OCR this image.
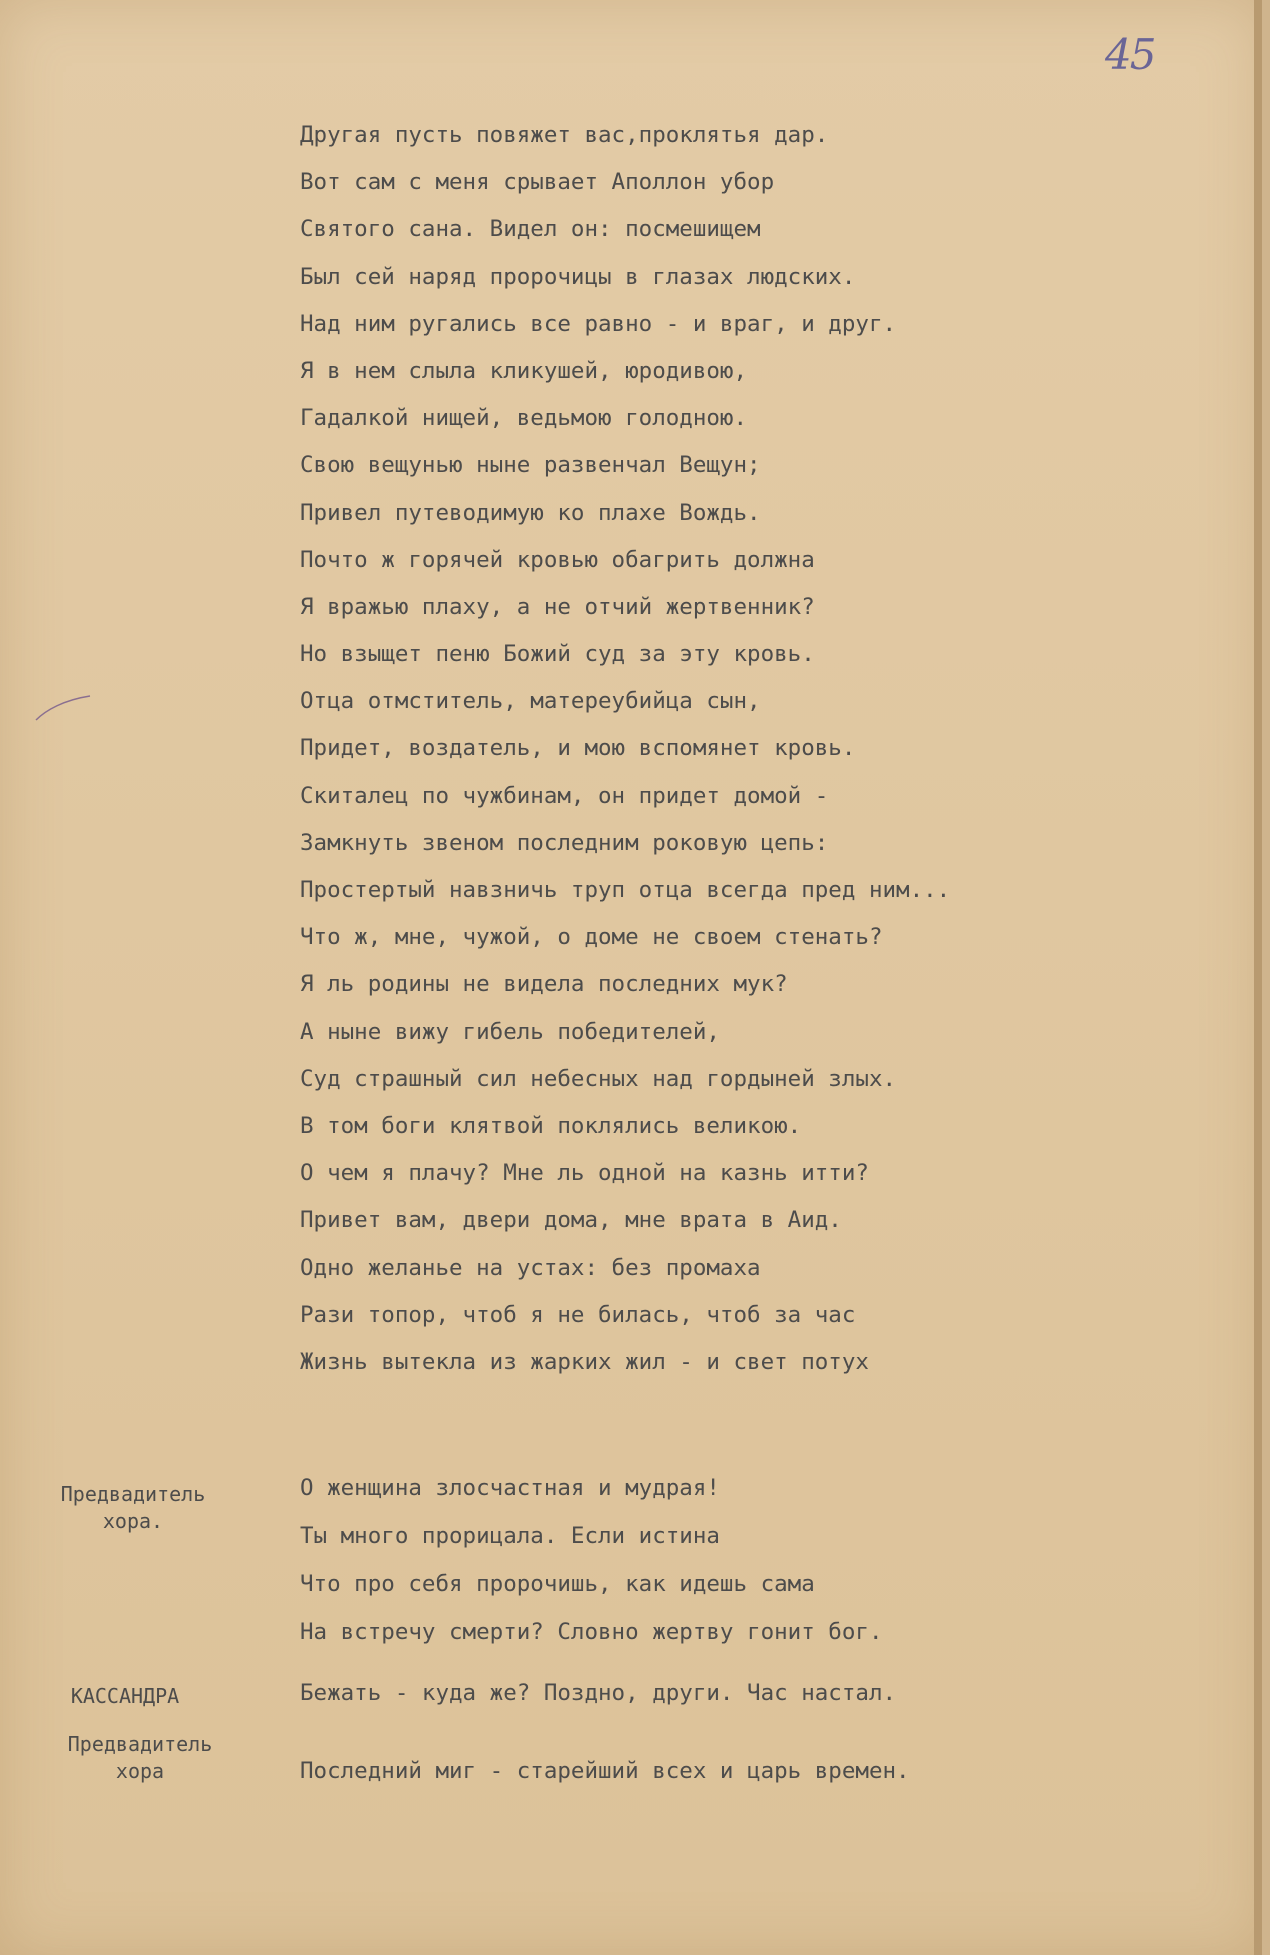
45
Другая пусть повяжет вас,проклятья дар.
Вот сам с меня срывает Аполлон убор
Святого сана. Видел он: посмешищем
Был сей наряд пророчицы в глазах людских.
Над ним ругались все равно - и враг, и друг.
Я в нем слыла кликушей, юродивою,
Гадалкой нищей, ведьмою голодною.
Свою вещунью ныне развенчал Вещун;
Привел путеводимую ко плахе Вождь.
Почто ж горячей кровью обагрить должна
Я вражью плаху, а не отчий жертвенник?
Но взыщет пеню Божий суд за эту кровь.
Отца отмститель, матереубийца сын,
Придет, воздатель, и мою вспомянет кровь.
Скиталец по чужбинам, он придет домой -
Замкнуть звеном последним роковую цепь:
Простертый навзничь труп отца всегда пред ним...
Что ж, мне, чужой, о доме не своем стенать?
Я ль родины не видела последних мук?
А ныне вижу гибель победителей,
Суд страшный сил небесных над гордыней злых.
В том боги клятвой поклялись великою.
О чем я плачу? Мне ль одной на казнь итти?
Привет вам, двери дома, мне врата в Аид.
Одно желанье на устах: без промаха
Рази топор, чтоб я не билась, чтоб за час
Жизнь вытекла из жарких жил - и свет потух
Предвадитель
хора.
О женщина злосчастная и мудрая!
Ты много прорицала. Если истина
Что про себя пророчишь, как идешь сама
На встречу смерти? Словно жертву гонит бог.
КАССАНДРА	Бежать - куда же? Поздно, други. Час настал.
Предвадитель
хора	Последний миг - старейший всех и царь времен.
